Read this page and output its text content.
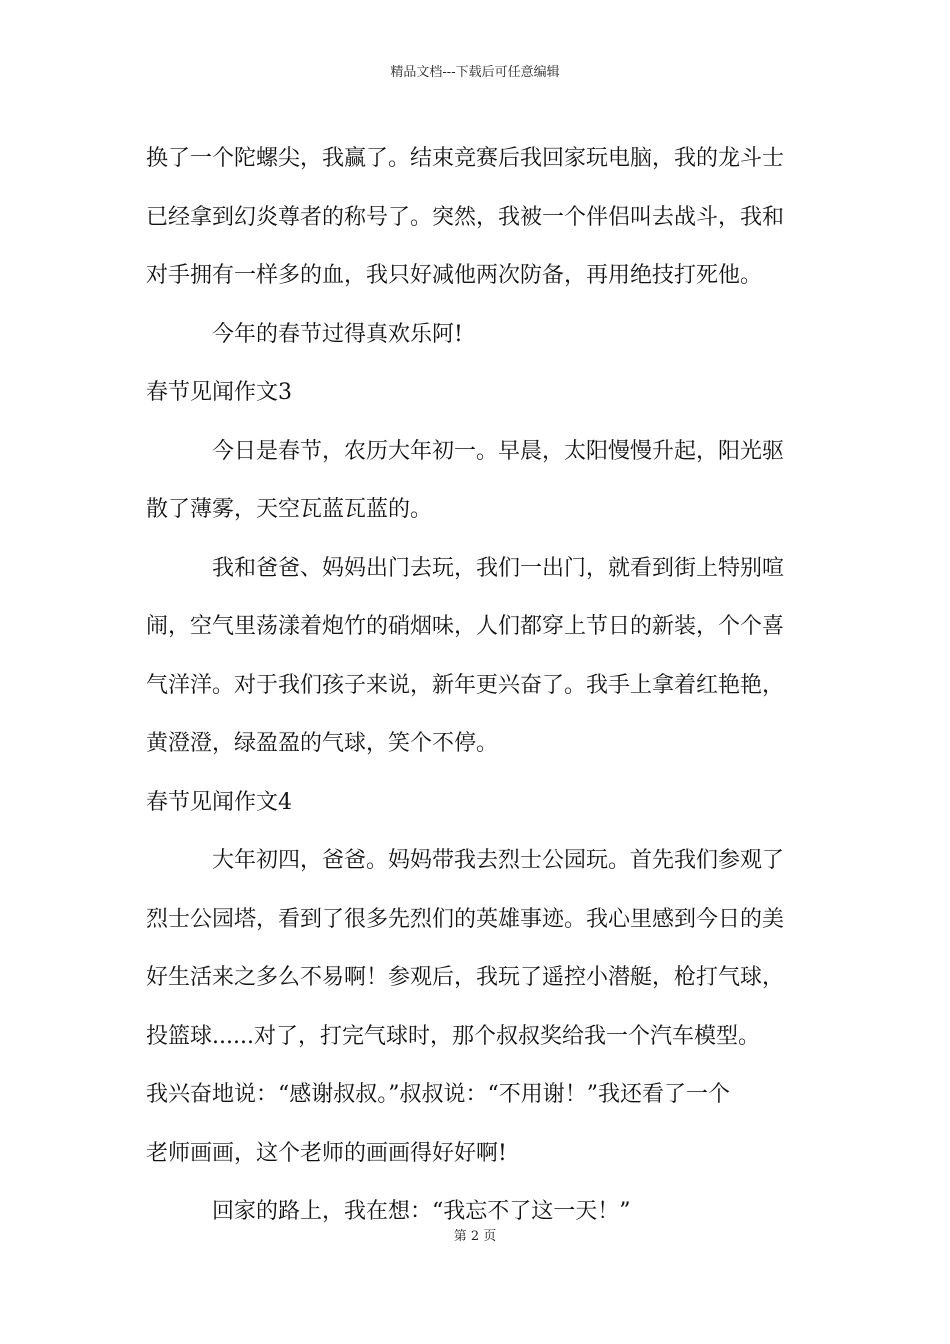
精品文档---下载后可任意编辑
换了一个陀螺尖，我赢了。结束竞赛后我回家玩电脑，我的龙斗士
已经拿到幻炎尊者的称号了。突然，我被一个伴侣叫去战斗，我和
对手拥有一样多的血，我只好减他两次防备，再用绝技打死他。
今年的春节过得真欢乐阿!
春节见闻作文3
今日是春节，农历大年初一。早晨，太阳慢慢升起，阳光驱
散了薄雾，天空瓦蓝瓦蓝的。
我和爸爸、妈妈出门去玩，我们一出门，就看到街上特别喧
闹，空气里荡漾着炮竹的硝烟味，人们都穿上节日的新装，个个喜
气洋洋。对于我们孩子来说，新年更兴奋了。我手上拿着红艳艳，
黄澄澄，绿盈盈的气球，笑个不停。
春节见闻作文4
大年初四，爸爸。妈妈带我去烈士公园玩。首先我们参观了
烈士公园塔，看到了很多先烈们的英雄事迹。我心里感到今日的美
好生活来之多么不易啊！参观后，我玩了遥控小潜艇，枪打气球，
投篮球......对了，打完气球时，那个叔叔奖给我一个汽车模型。
我兴奋地说：“感谢叔叔。”叔叔说：“不用谢！”我还看了一个
老师画画，这个老师的画画得好好啊!
回家的路上，我在想：“我忘不了这一天！”
第 2 页
